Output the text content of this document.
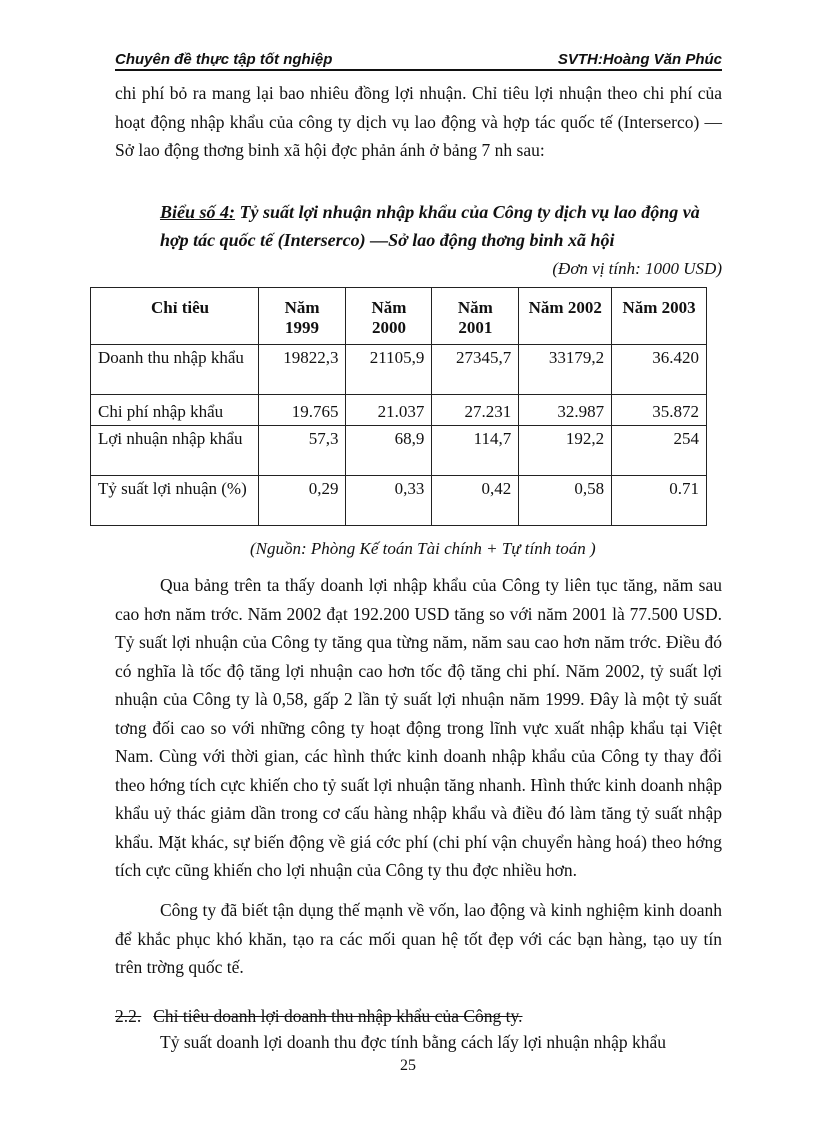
Chuyên đề thực tập tốt nghiệp	SVTH:Hoàng Văn Phúc
chi phí bỏ ra mang lại bao nhiêu đồng lợi nhuận. Chỉ tiêu lợi nhuận theo chi phí của hoạt động nhập khẩu của công ty dịch vụ lao động và hợp tác quốc tế (Interserco) — Sở lao động thơng binh xã hội đợc phản ánh ở bảng 7 nh sau:
Biểu số 4: Tỷ suất lợi nhuận nhập khẩu của Công ty dịch vụ lao động và hợp tác quốc tế (Interserco) —Sở lao động thơng binh xã hội
(Đơn vị tính: 1000 USD)
Chỉ tiêu	Năm 1999	Năm 2000	Năm 2001	Năm 2002	Năm 2003
Doanh thu nhập khẩu	19822,3	21105,9	27345,7	33179,2	36.420
Chi phí nhập khẩu	19.765	21.037	27.231	32.987	35.872
Lợi nhuận nhập khẩu	57,3	68,9	114,7	192,2	254
Tỷ suất lợi nhuận (%)	0,29	0,33	0,42	0,58	0.71
(Nguồn: Phòng Kế toán Tài chính + Tự tính toán )
Qua bảng trên ta thấy doanh lợi nhập khẩu của Công ty liên tục tăng, năm sau cao hơn năm trớc. Năm 2002 đạt 192.200 USD tăng so với năm 2001 là 77.500 USD. Tỷ suất lợi nhuận của Công ty tăng qua từng năm, năm sau cao hơn năm trớc. Điều đó có nghĩa là tốc độ tăng lợi nhuận cao hơn tốc độ tăng chi phí. Năm 2002, tỷ suất lợi nhuận của Công ty là 0,58, gấp 2 lần tỷ suất lợi nhuận năm 1999. Đây là một tỷ suất tơng đối cao so với những công ty hoạt động trong lĩnh vực xuất nhập khẩu tại Việt Nam. Cùng với thời gian, các hình thức kinh doanh nhập khẩu của Công ty thay đổi theo hớng tích cực khiến cho tỷ suất lợi nhuận tăng nhanh. Hình thức kinh doanh nhập khẩu uỷ thác giảm dần trong cơ cấu hàng nhập khẩu và điều đó làm tăng tỷ suất nhập khẩu. Mặt khác, sự biến động về giá cớc phí (chi phí vận chuyển hàng hoá) theo hớng tích cực cũng khiến cho lợi nhuận của Công ty thu đợc nhiều hơn.
Công ty đã biết tận dụng thế mạnh về vốn, lao động và kinh nghiệm kinh doanh để khắc phục khó khăn, tạo ra các mối quan hệ tốt đẹp với các bạn hàng, tạo uy tín trên trờng quốc tế.
2.2. Chỉ tiêu doanh lợi doanh thu nhập khẩu của Công ty.
Tỷ suất doanh lợi doanh thu đợc tính bằng cách lấy lợi nhuận nhập khẩu
25
